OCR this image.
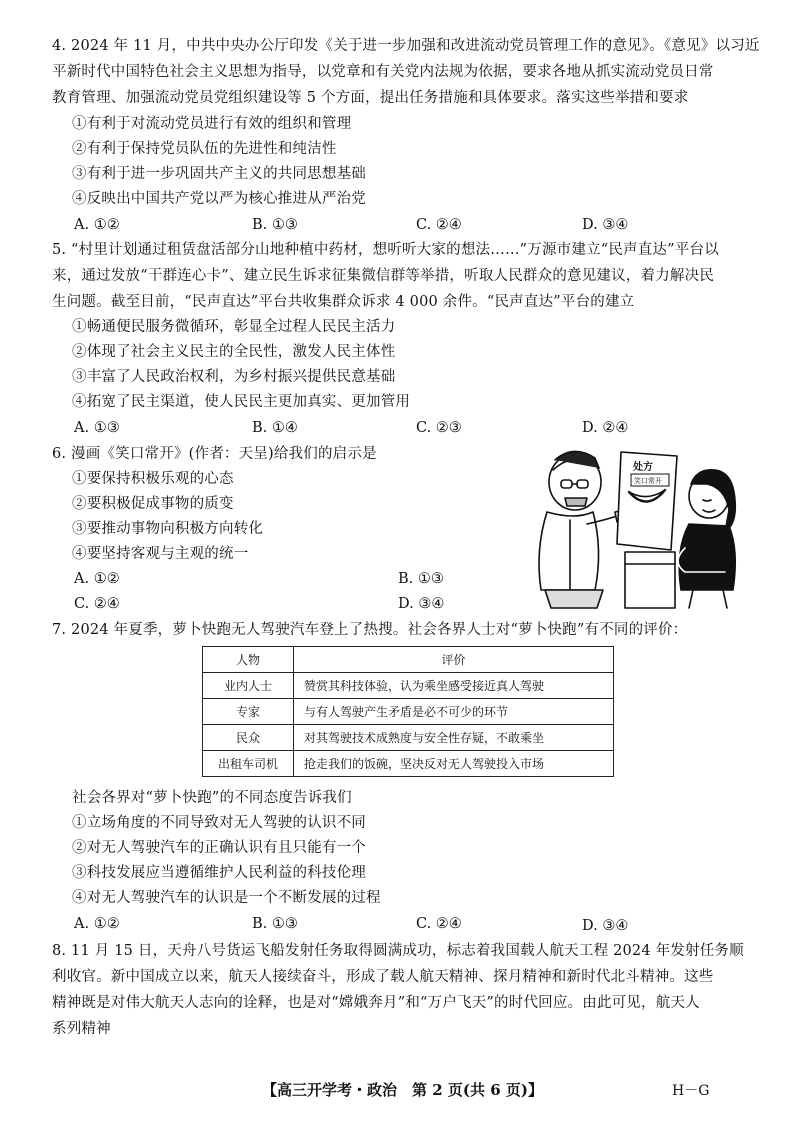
4. 2024 年 11 月，中共中央办公厅印发《关于进一步加强和改进流动党员管理工作的意见》。《意见》以习近
平新时代中国特色社会主义思想为指导，以党章和有关党内法规为依据，要求各地从抓实流动党员日常
教育管理、加强流动党员党组织建设等 5 个方面，提出任务措施和具体要求。落实这些举措和要求
①有利于对流动党员进行有效的组织和管理
②有利于保持党员队伍的先进性和纯洁性
③有利于进一步巩固共产主义的共同思想基础
④反映出中国共产党以严为核心推进从严治党
A. ①②	B. ①③	C. ②④	D. ③④
5. “村里计划通过租赁盘活部分山地种植中药材，想听听大家的想法……”万源市建立“民声直达”平台以
来，通过发放“干群连心卡”、建立民生诉求征集微信群等举措，听取人民群众的意见建议，着力解决民
生问题。截至目前，“民声直达”平台共收集群众诉求 4 000 余件。“民声直达”平台的建立
①畅通便民服务微循环，彰显全过程人民民主活力
②体现了社会主义民主的全民性，激发人民主体性
③丰富了人民政治权利，为乡村振兴提供民意基础
④拓宽了民主渠道，使人民民主更加真实、更加管用
A. ①③	B. ①④	C. ②③	D. ②④
6. 漫画《笑口常开》(作者：天呈)给我们的启示是
①要保持积极乐观的心态
②要积极促成事物的质变
③要推动事物向积极方向转化
④要坚持客观与主观的统一
A. ①②	B. ①③
C. ②④	D. ③④
处方
笑口常开
7. 2024 年夏季，萝卜快跑无人驾驶汽车登上了热搜。社会各界人士对“萝卜快跑”有不同的评价：
人物	评价
业内人士	赞赏其科技体验，认为乘坐感受接近真人驾驶
专家	与有人驾驶产生矛盾是必不可少的环节
民众	对其驾驶技术成熟度与安全性存疑，不敢乘坐
出租车司机	抢走我们的饭碗，坚决反对无人驾驶投入市场
社会各界对“萝卜快跑”的不同态度告诉我们
①立场角度的不同导致对无人驾驶的认识不同
②对无人驾驶汽车的正确认识有且只能有一个
③科技发展应当遵循维护人民利益的科技伦理
④对无人驾驶汽车的认识是一个不断发展的过程
A. ①②	B. ①③	C. ②④	D. ③④
8. 11 月 15 日，天舟八号货运飞船发射任务取得圆满成功，标志着我国载人航天工程 2024 年发射任务顺
利收官。新中国成立以来，航天人接续奋斗，形成了载人航天精神、探月精神和新时代北斗精神。这些
精神既是对伟大航天人志向的诠释，也是对“嫦娥奔月”和“万户飞天”的时代回应。由此可见，航天人
系列精神
【高三开学考・政治　第 2 页(共 6 页)】	H－G
